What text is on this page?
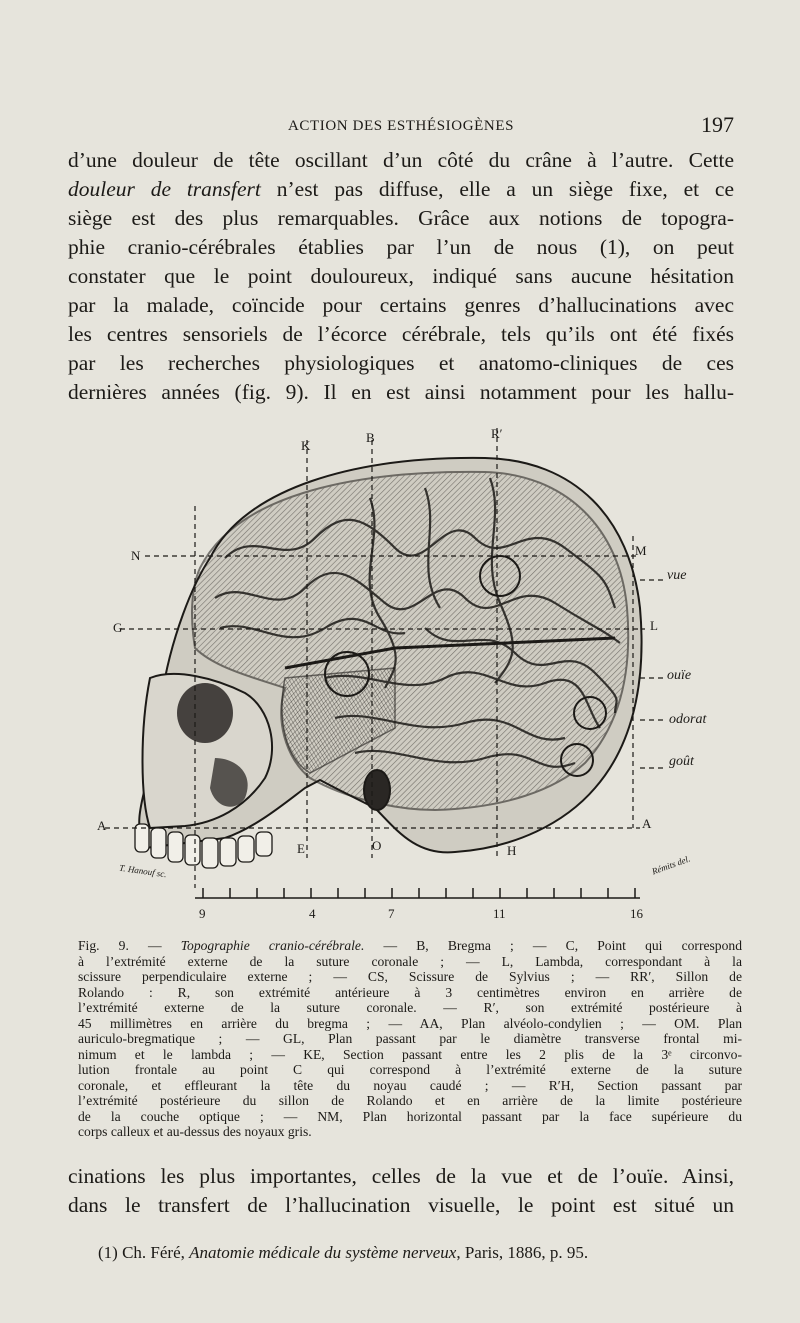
ACTION DES ESTHÉSIOGÈNES	197
d’une douleur de tête oscillant d’un côté du crâne à l’autre. Cette
douleur de transfert n’est pas diffuse, elle a un siège fixe, et ce
siège est des plus remarquables. Grâce aux notions de topogra-
phie cranio-cérébrales établies par l’un de nous (1), on peut
constater que le point douloureux, indiqué sans aucune hésitation
par la malade, coïncide pour certains genres d’hallucinations avec
les centres sensoriels de l’écorce cérébrale, tels qu’ils ont été fixés
par les recherches physiologiques et anatomo-cliniques de ces
dernières années (fig. 9). Il en est ainsi notamment pour les hallu-
K
B	R′
N	M
G	L
A	A
E	O	H
vue
ouïe
odorat
goût
9	4	7	11	16
T. Hanouf sc.	Rémits del.
Fig. 9. — Topographie cranio-cérébrale. — B, Bregma ; — C, Point qui correspond
à l’extrémité externe de la suture coronale ; — L, Lambda, correspondant à la
scissure perpendiculaire externe ; — CS, Scissure de Sylvius ; — RR′, Sillon de
Rolando : R, son extrémité antérieure à 3 centimètres environ en arrière de
l’extrémité externe de la suture coronale. — R′, son extrémité postérieure à
45 millimètres en arrière du bregma ; — AA, Plan alvéolo-condylien ; — OM. Plan
auriculo-bregmatique ; — GL, Plan passant par le diamètre transverse frontal mi-
nimum et le lambda ; — KE, Section passant entre les 2 plis de la 3ᵉ circonvo-
lution frontale au point C qui correspond à l’extrémité externe de la suture
coronale, et effleurant la tête du noyau caudé ; — R′H, Section passant par
l’extrémité postérieure du sillon de Rolando et en arrière de la limite postérieure
de la couche optique ; — NM, Plan horizontal passant par la face supérieure du
corps calleux et au-dessus des noyaux gris.
cinations les plus importantes, celles de la vue et de l’ouïe. Ainsi,
dans le transfert de l’hallucination visuelle, le point est situé un
(1) Ch. Féré, Anatomie médicale du système nerveux, Paris, 1886, p. 95.
